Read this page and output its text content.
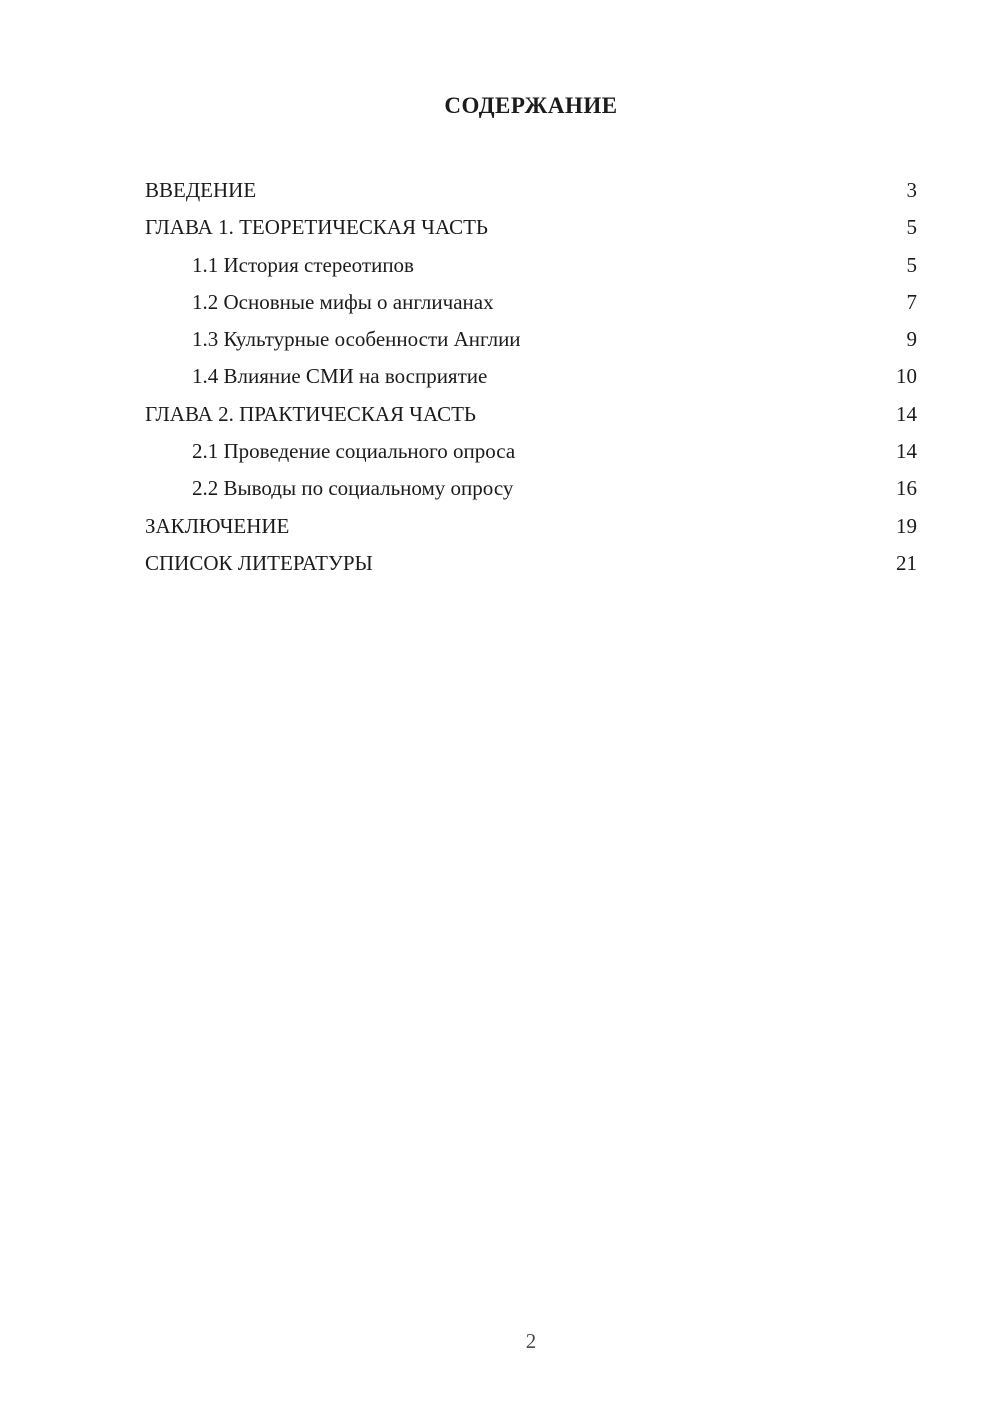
СОДЕРЖАНИЕ
ВВЕДЕНИЕ	3
ГЛАВА 1. ТЕОРЕТИЧЕСКАЯ ЧАСТЬ	5
1.1 История стереотипов	5
1.2 Основные мифы о англичанах	7
1.3 Культурные особенности Англии	9
1.4 Влияние СМИ на восприятие	10
ГЛАВА 2. ПРАКТИЧЕСКАЯ ЧАСТЬ	14
2.1 Проведение социального опроса	14
2.2 Выводы по социальному опросу	16
ЗАКЛЮЧЕНИЕ	19
СПИСОК ЛИТЕРАТУРЫ	21
2
